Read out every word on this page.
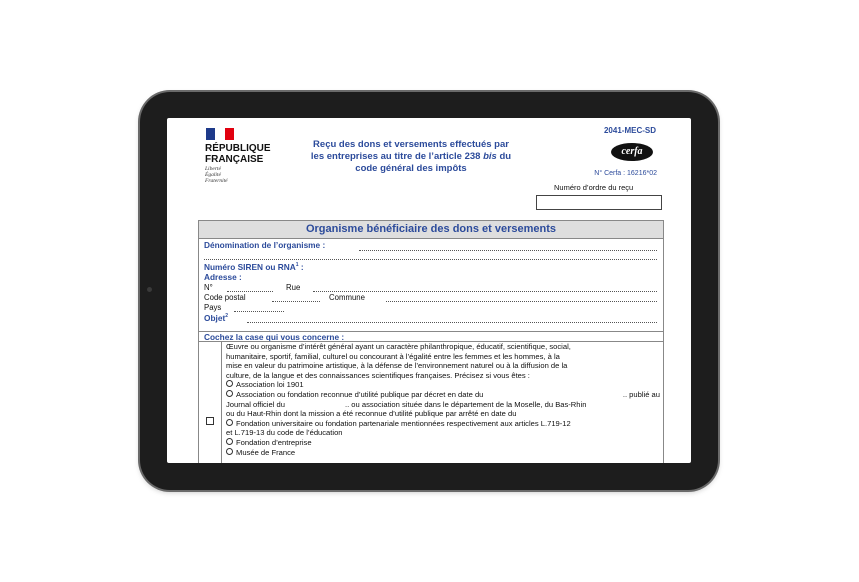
RÉPUBLIQUE
FRANÇAISE
Liberté
Égalité
Fraternité
Reçu des dons et versements effectués par
les entreprises au titre de l’article 238 bis du
code général des impôts
2041-MEC-SD
cerfa
N° Cerfa : 16216*02
Numéro d’ordre du reçu
Organisme bénéficiaire des dons et versements
Dénomination de l’organisme :
Numéro SIREN ou RNA$^1$ :
Adresse :
N°	Rue
Code postal	Commune
Pays
Objet$^2$
Cochez la case qui vous concerne :
Œuvre ou organisme d’intérêt général ayant un caractère philanthropique, éducatif, scientifique, social,
humanitaire, sportif, familial, culturel ou concourant à l’égalité entre les femmes et les hommes, à la
mise en valeur du patrimoine artistique, à la défense de l’environnement naturel ou à la diffusion de la
culture, de la langue et des connaissances scientifiques françaises. Précisez si vous êtes :
Association loi 1901
Association ou fondation reconnue d’utilité publique par décret en date du	.. publié au
Journal officiel du	.. ou association située dans le département de la Moselle, du Bas-Rhin
ou du Haut-Rhin dont la mission a été reconnue d’utilité publique par arrêté en date du
Fondation universitaire ou fondation partenariale mentionnées respectivement aux articles L.719-12
et L.719-13 du code de l’éducation
Fondation d’entreprise
Musée de France
